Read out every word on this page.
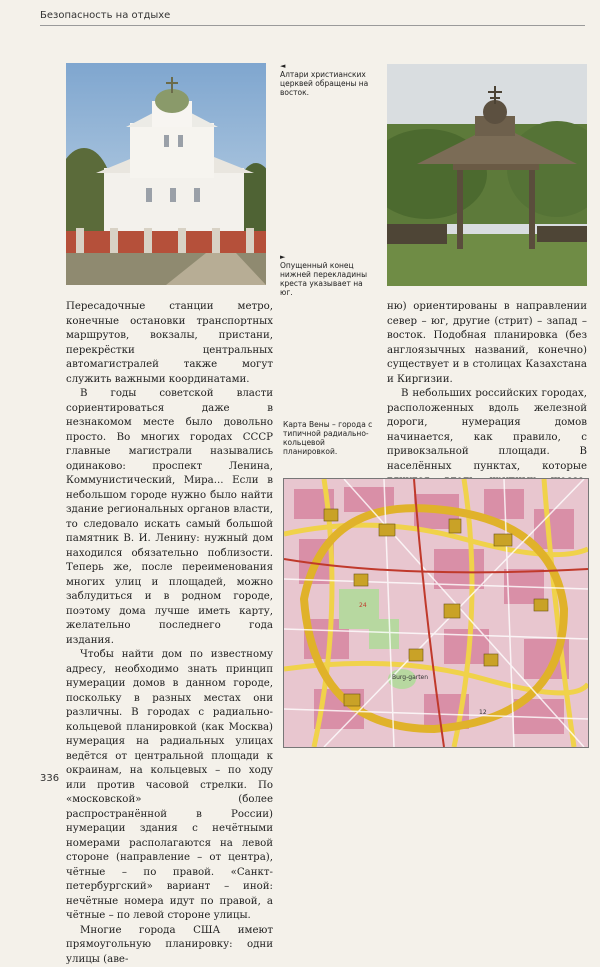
Безопасность на отдыхе
◄
Алтари христианских церквей обращены на восток.
►
Опущенный конец нижней перекладины креста указывает на юг.

Пересадочные станции метро, конечные остановки транспортных маршрутов, вокзалы, пристани, перекрёстки центральных автомагистралей также могут служить важными координатами.

В годы советской власти сориентироваться даже в незнакомом месте было довольно просто. Во многих городах СССР главные магистрали назывались одинаково: проспект Ленина, Коммунистический, Мира... Если в небольшом городе нужно было найти здание региональных органов власти, то следовало искать самый большой памятник В. И. Ленину: нужный дом находился обязательно поблизости. Теперь же, после переименования многих улиц и площадей, можно заблудиться и в родном городе, поэтому дома лучше иметь карту, желательно последнего года издания.

Чтобы найти дом по известному адресу, необходимо знать принцип нумерации домов в данном городе, поскольку в разных местах они различны. В городах с радиально-кольцевой планировкой (как Москва) нумерация на радиальных улицах ведётся от центральной площади к окраинам, на кольцевых – по ходу или против часовой стрелки. По «московской» (более распространённой в России) нумерации здания с нечётными номерами располагаются на левой стороне (направление – от центра), чётные – по правой. «Санкт-петербургский» вариант – иной: нечётные номера идут по правой, а чётные – по левой стороне улицы.

Многие города США имеют прямоугольную планировку: одни улицы (аве-

Карта Вены – города с типичной радиально-кольцевой планировкой.

ню) ориентированы в направлении север – юг, другие (стрит) – запад – восток. Подобная планировка (без англоязычных названий, конечно) существует и в столицах Казахстана и Киргизии.

В небольших российских городах, расположенных вдоль железной дороги, нумерация домов начинается, как правило, с привокзальной площади. В населённых пунктах, которые

Burg-garten
24
12
336
